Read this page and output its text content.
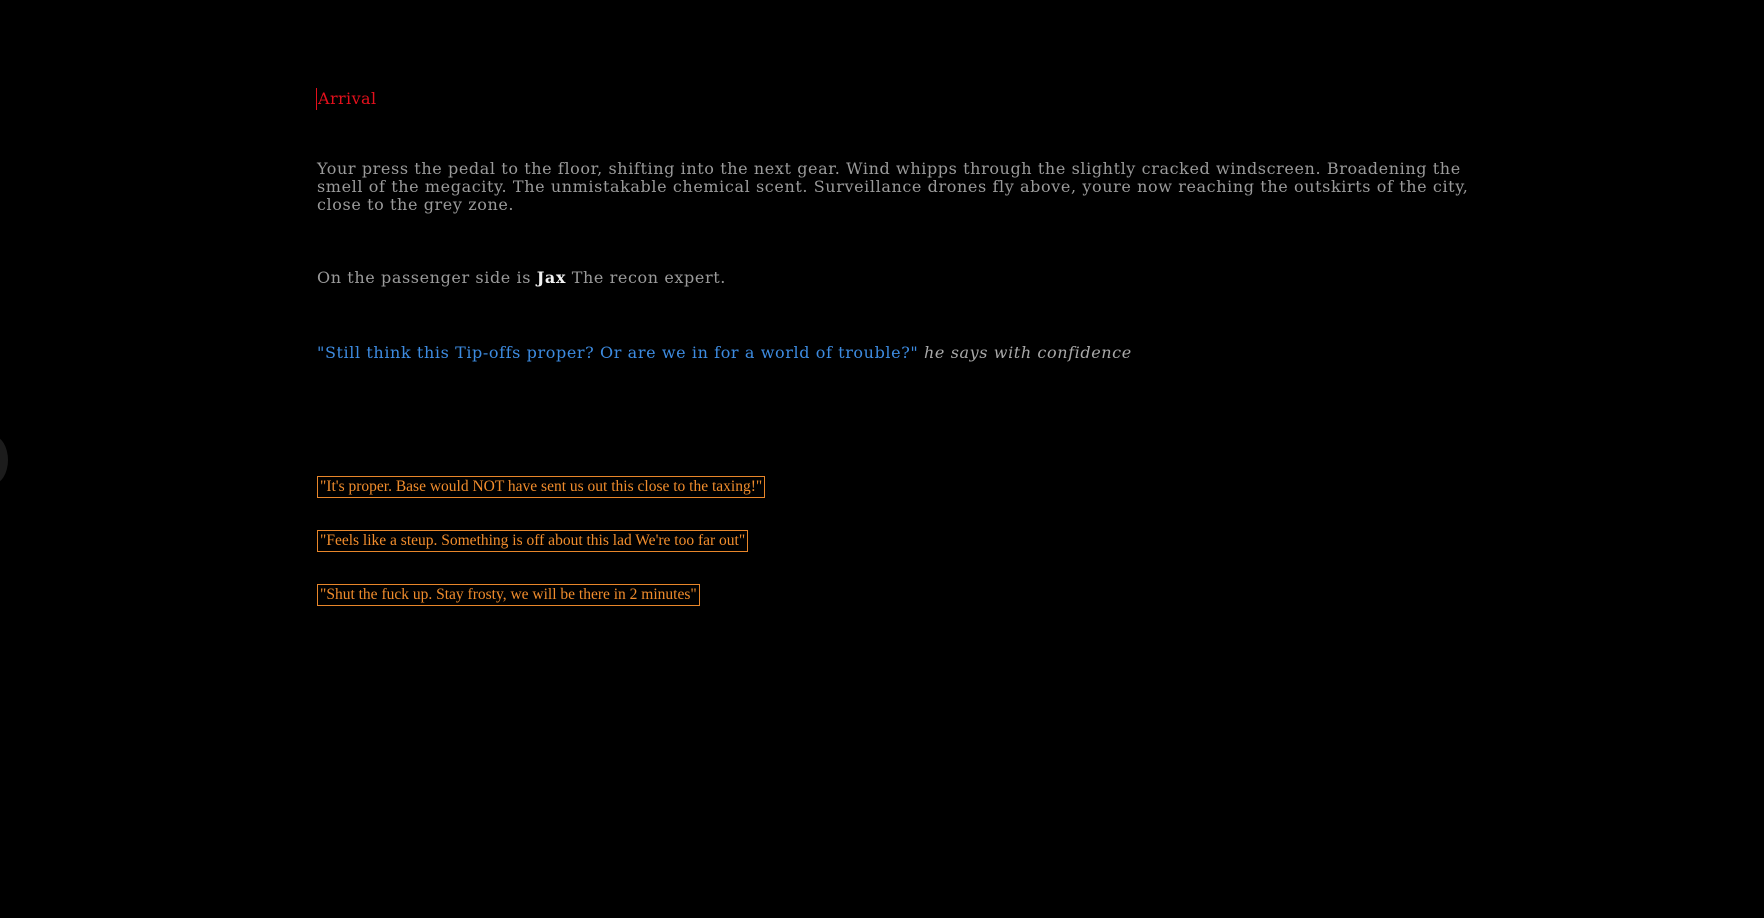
Arrival
Your press the pedal to the floor, shifting into the next gear. Wind whipps through the slightly cracked windscreen. Broadening the smell of the megacity. The unmistakable chemical scent. Surveillance drones fly above, youre now reaching the outskirts of the city, close to the grey zone.
On the passenger side is Jax The recon expert.
"Still think this Tip-offs proper? Or are we in for a world of trouble?" he says with confidence
"It's proper. Base would NOT have sent us out this close to the taxing!"
"Feels like a steup. Something is off about this lad We're too far out"
"Shut the fuck up. Stay frosty, we will be there in 2 minutes"
